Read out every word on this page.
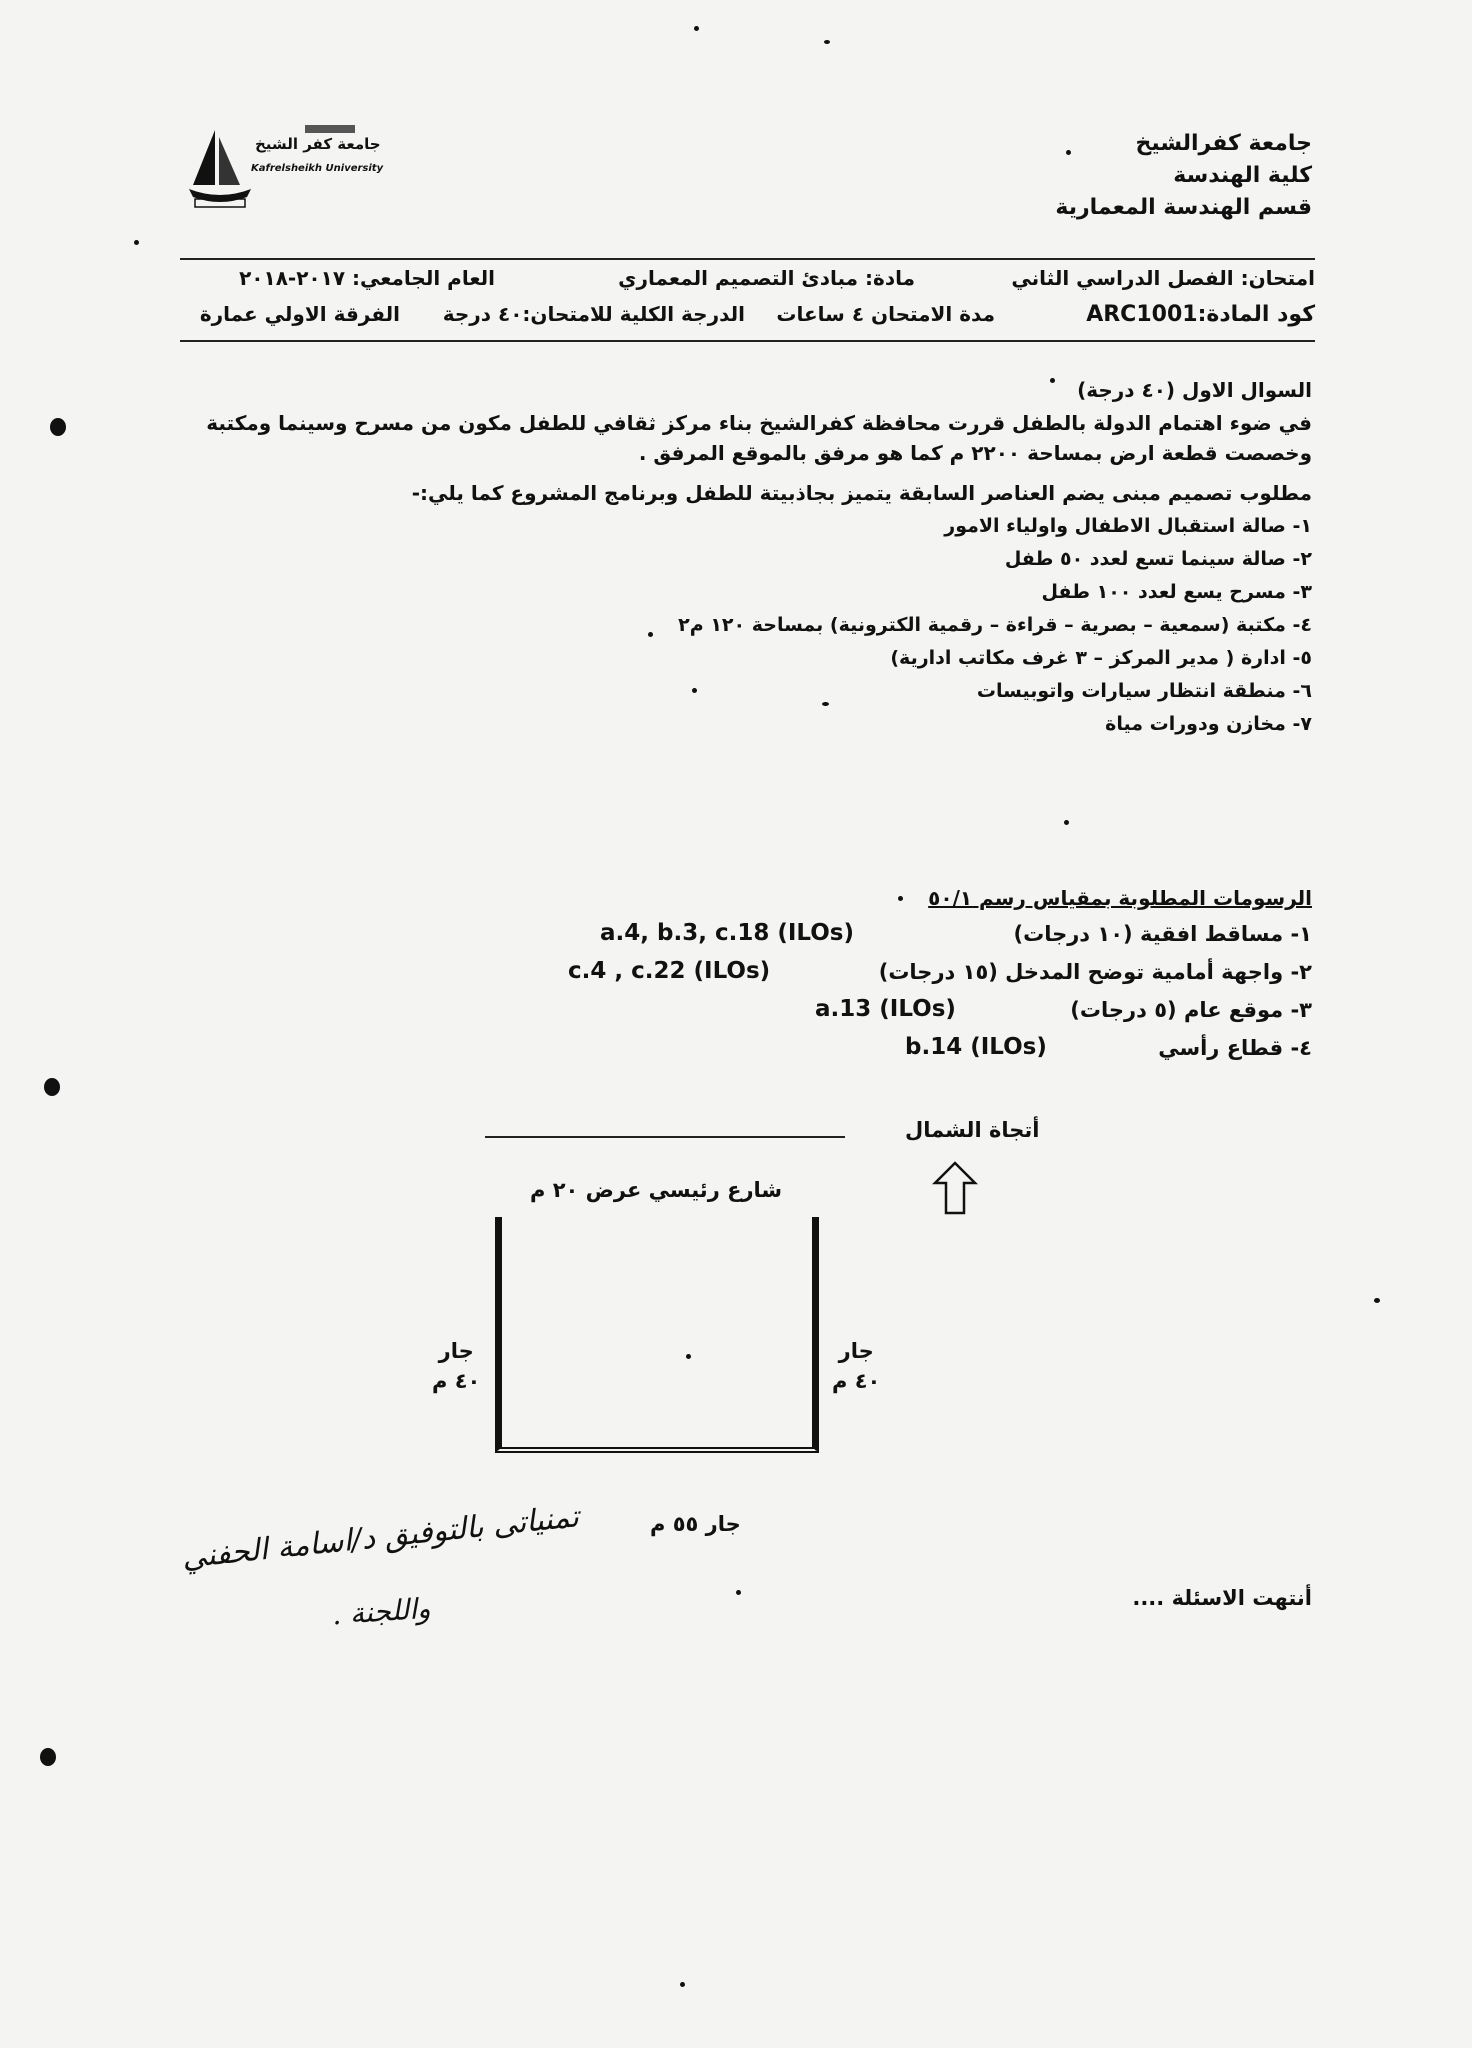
جامعة كفر الشيخ
Kafrelsheikh University
جامعة كفرالشيخ
كلية الهندسة
قسم الهندسة المعمارية
امتحان: الفصل الدراسي الثاني
مادة: مبادئ التصميم المعماري
العام الجامعي: ٢٠١٧-٢٠١٨
كود المادة:ARC1001
مدة الامتحان ٤ ساعات
الدرجة الكلية للامتحان:٤٠ درجة
الفرقة الاولي عمارة
السوال الاول (٤٠ درجة)
في ضوء اهتمام الدولة بالطفل قررت محافظة كفرالشيخ بناء مركز ثقافي للطفل مكون من مسرح وسينما ومكتبة وخصصت قطعة ارض بمساحة ٢٢٠٠ م كما هو مرفق بالموقع المرفق .
مطلوب تصميم مبنى يضم العناصر السابقة يتميز بجاذبيتة للطفل وبرنامج المشروع كما يلي:-
١- صالة استقبال الاطفال واولياء الامور
٢- صالة سينما تسع لعدد ٥٠ طفل
٣- مسرح يسع لعدد ١٠٠ طفل
٤- مكتبة (سمعية – بصرية – قراءة – رقمية الكترونية) بمساحة ١٢٠ م٢
٥- ادارة ( مدير المركز – ٣ غرف مكاتب ادارية)
٦- منطقة انتظار سيارات واتوبيسات
٧- مخازن ودورات مياة
الرسومات المطلوبة بمقياس رسم ٥٠/١
١- مساقط افقية (١٠ درجات)
a.4, b.3, c.18 (ILOs)
٢- واجهة أمامية توضح المدخل (١٥ درجات)
c.4 , c.22 (ILOs)
٣- موقع عام (٥ درجات)
a.13 (ILOs)
٤- قطاع رأسي
b.14 (ILOs)
أتجاة الشمال
شارع رئيسي عرض ٢٠ م
جار
٤٠ م
جار
٤٠ م
جار ٥٥ م
أنتهت الاسئلة ....
تمنياتى بالتوفيق د/اسامة الحفني
واللجنة .
